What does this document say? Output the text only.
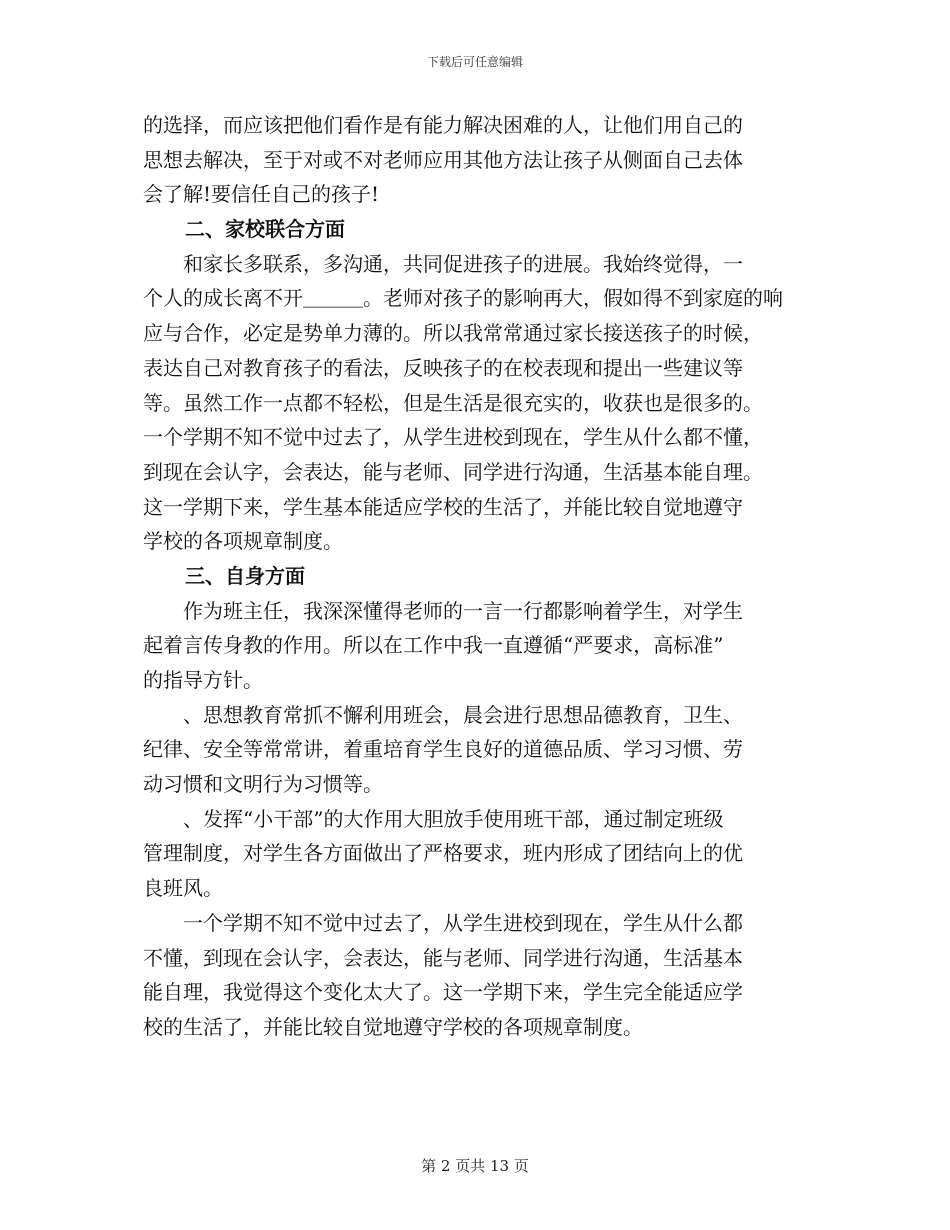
下载后可任意编辑
的选择，而应该把他们看作是有能力解决困难的人，让他们用自己的
思想去解决，至于对或不对老师应用其他方法让孩子从侧面自己去体
会了解!要信任自己的孩子!
二、家校联合方面
　　和家长多联系，多沟通，共同促进孩子的进展。我始终觉得，一
个人的成长离不开＿＿＿。老师对孩子的影响再大，假如得不到家庭的响
应与合作，必定是势单力薄的。所以我常常通过家长接送孩子的时候，
表达自己对教育孩子的看法，反映孩子的在校表现和提出一些建议等
等。虽然工作一点都不轻松，但是生活是很充实的，收获也是很多的。
一个学期不知不觉中过去了，从学生进校到现在，学生从什么都不懂，
到现在会认字，会表达，能与老师、同学进行沟通，生活基本能自理。
这一学期下来，学生基本能适应学校的生活了，并能比较自觉地遵守
学校的各项规章制度。
三、自身方面
　　作为班主任，我深深懂得老师的一言一行都影响着学生，对学生
起着言传身教的作用。所以在工作中我一直遵循“严要求，高标准”
的指导方针。
　　、思想教育常抓不懈利用班会，晨会进行思想品德教育，卫生、
纪律、安全等常常讲，着重培育学生良好的道德品质、学习习惯、劳
动习惯和文明行为习惯等。
　　、发挥“小干部”的大作用大胆放手使用班干部，通过制定班级
管理制度，对学生各方面做出了严格要求，班内形成了团结向上的优
良班风。
　　一个学期不知不觉中过去了，从学生进校到现在，学生从什么都
不懂，到现在会认字，会表达，能与老师、同学进行沟通，生活基本
能自理，我觉得这个变化太大了。这一学期下来，学生完全能适应学
校的生活了，并能比较自觉地遵守学校的各项规章制度。
第 2 页共 13 页
